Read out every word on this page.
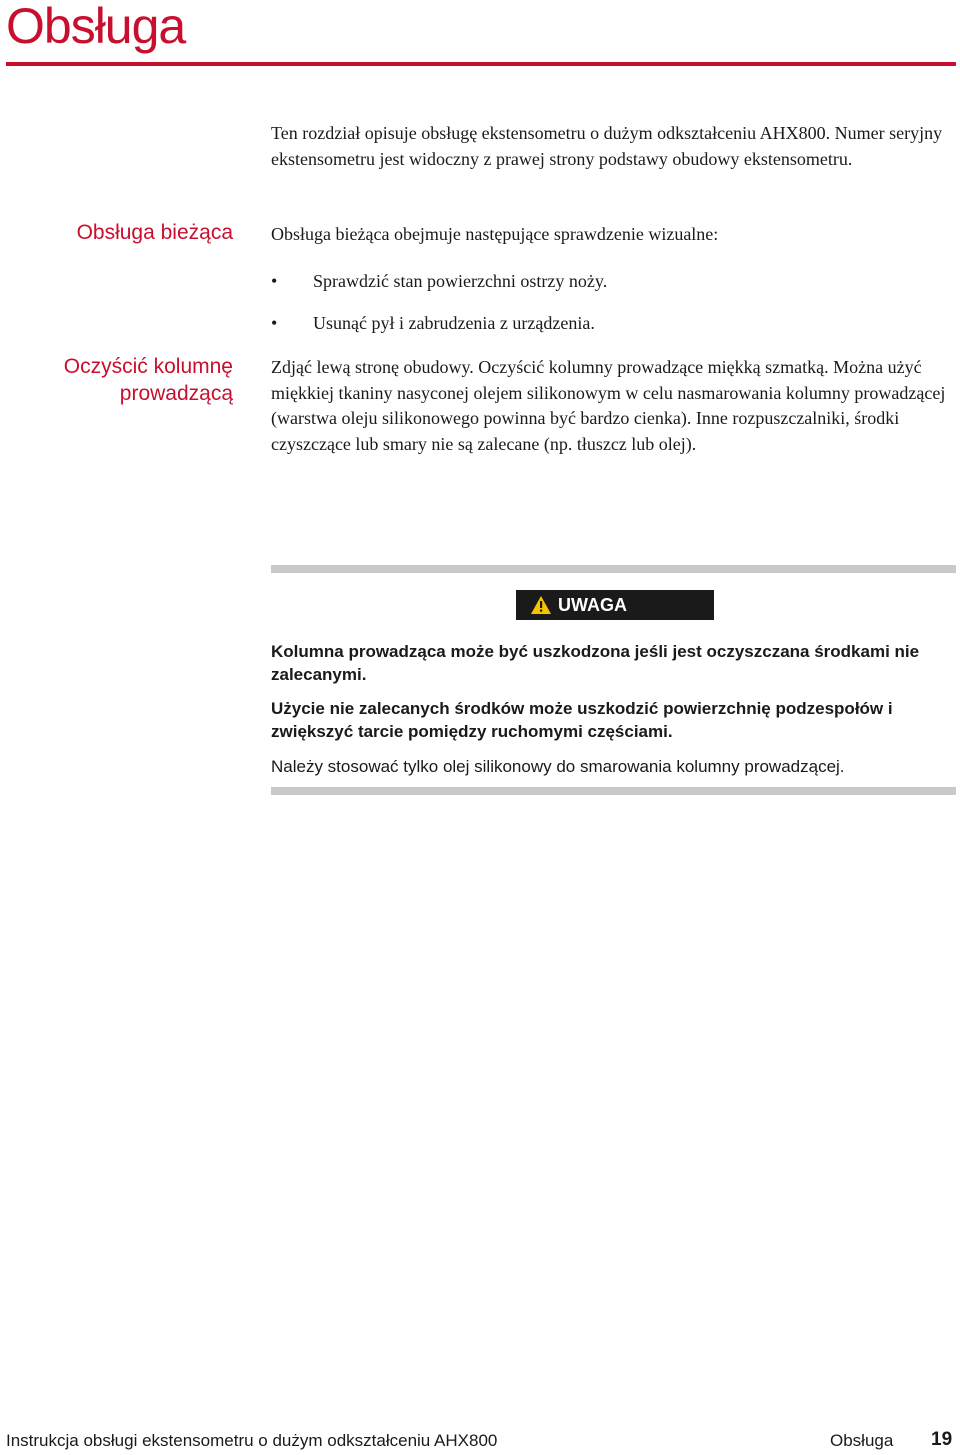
Obsługa

Ten rozdział opisuje obsługę ekstensometru o dużym odkształceniu AHX800. Numer seryjny ekstensometru jest widoczny z prawej strony podstawy obudowy ekstensometru.

Obsługa bieżąca Obsługa bieżąca obejmuje następujące sprawdzenie wizualne:

• Sprawdzić stan powierzchni ostrzy noży.
• Usunąć pył i zabrudzenia z urządzenia.
Oczyścić kolumnę
prowadzącą

Zdjąć lewą stronę obudowy. Oczyścić kolumny prowadzące miękką szmatką. Można użyć miękkiej tkaniny nasyconej olejem silikonowym w celu nasmarowania kolumny prowadzącej (warstwa oleju silikonowego powinna być bardzo cienka). Inne rozpuszczalniki, środki czyszczące lub smary nie są zalecane (np. tłuszcz lub olej).

UWAGA

Kolumna prowadząca może być uszkodzona jeśli jest oczyszczana środkami nie zalecanymi.

Użycie nie zalecanych środków może uszkodzić powierzchnię podzespołów i zwiększyć tarcie pomiędzy ruchomymi częściami.

Należy stosować tylko olej silikonowy do smarowania kolumny prowadzącej.

Instrukcja obsługi ekstensometru o dużym odkształceniu AHX800	Obsługa 19
